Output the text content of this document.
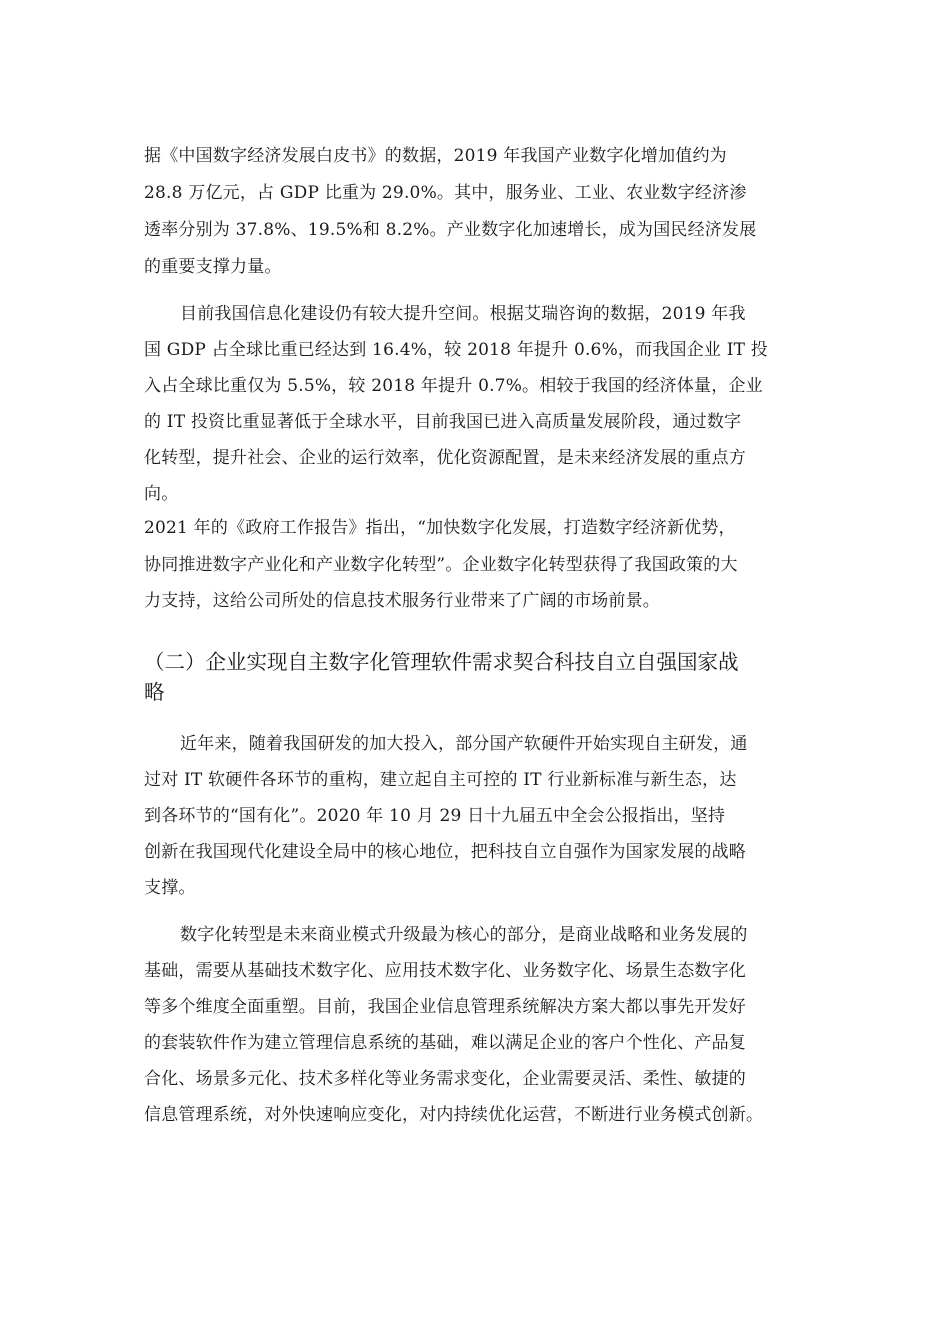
据《中国数字经济发展白皮书》的数据，2019 年我国产业数字化增加值约为
28.8 万亿元，占 GDP 比重为 29.0%。其中，服务业、工业、农业数字经济渗
透率分别为 37.8%、19.5%和 8.2%。产业数字化加速增长，成为国民经济发展
的重要支撑力量。
目前我国信息化建设仍有较大提升空间。根据艾瑞咨询的数据，2019 年我
国 GDP 占全球比重已经达到 16.4%，较 2018 年提升 0.6%，而我国企业 IT 投
入占全球比重仅为 5.5%，较 2018 年提升 0.7%。相较于我国的经济体量，企业
的 IT 投资比重显著低于全球水平，目前我国已进入高质量发展阶段，通过数字
化转型，提升社会、企业的运行效率，优化资源配置，是未来经济发展的重点方
向。
2021 年的《政府工作报告》指出，“加快数字化发展，打造数字经济新优势，
协同推进数字产业化和产业数字化转型”。企业数字化转型获得了我国政策的大
力支持，这给公司所处的信息技术服务行业带来了广阔的市场前景。
（二）企业实现自主数字化管理软件需求契合科技自立自强国家战
略
近年来，随着我国研发的加大投入，部分国产软硬件开始实现自主研发，通
过对 IT 软硬件各环节的重构，建立起自主可控的 IT 行业新标准与新生态，达
到各环节的“国有化”。2020 年 10 月 29 日十九届五中全会公报指出，坚持
创新在我国现代化建设全局中的核心地位，把科技自立自强作为国家发展的战略
支撑。
数字化转型是未来商业模式升级最为核心的部分，是商业战略和业务发展的
基础，需要从基础技术数字化、应用技术数字化、业务数字化、场景生态数字化
等多个维度全面重塑。目前，我国企业信息管理系统解决方案大都以事先开发好
的套装软件作为建立管理信息系统的基础，难以满足企业的客户个性化、产品复
合化、场景多元化、技术多样化等业务需求变化，企业需要灵活、柔性、敏捷的
信息管理系统，对外快速响应变化，对内持续优化运营，不断进行业务模式创新。
